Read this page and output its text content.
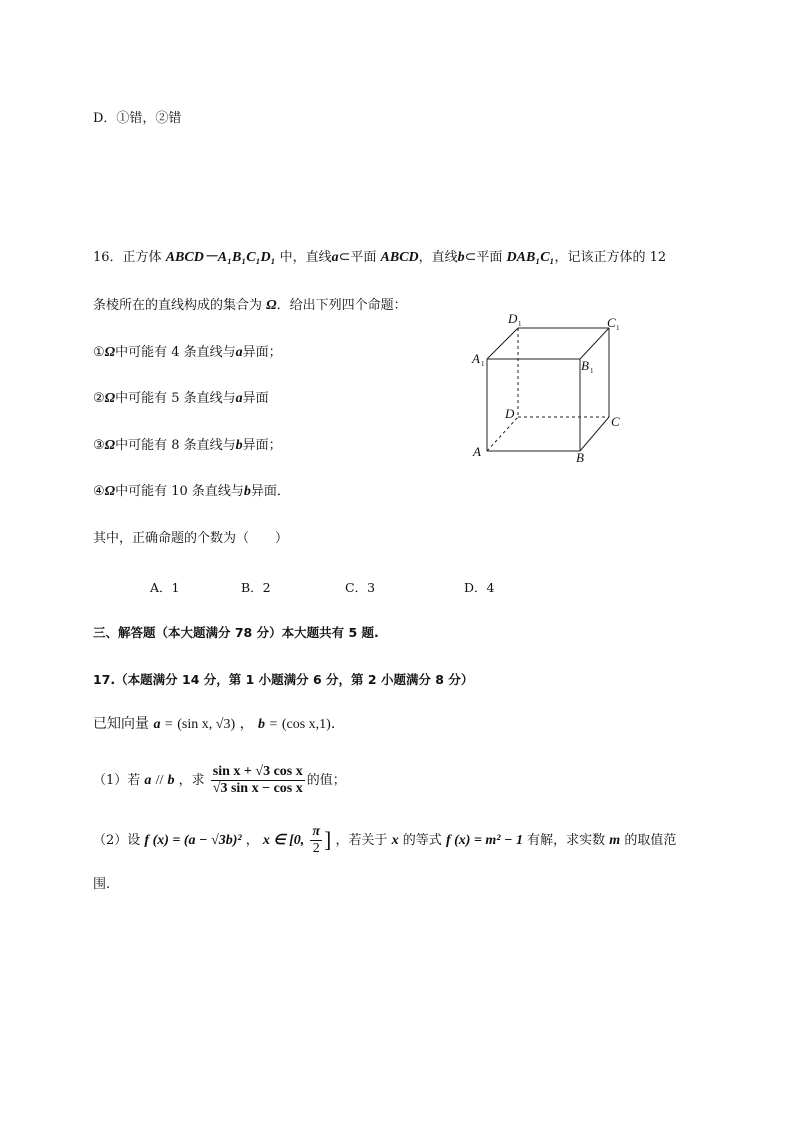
D．①错，②错
16．正方体 ABCD－A₁B₁C₁D₁ 中，直线a⊂平面 ABCD，直线b⊂平面 DAB₁C₁，记该正方体的 12
条棱所在的直线构成的集合为 Ω．给出下列四个命题：
①Ω中可能有 4 条直线与a异面；
②Ω中可能有 5 条直线与a异面
③Ω中可能有 8 条直线与b异面；
④Ω中可能有 10 条直线与b异面．
其中，正确命题的个数为（　　）
A．1	B．2	C．3	D．4
A 1	B 1
D 1	C 1
D
C
A	B
三、解答题（本大题满分 78 分）本大题共有 5 题.
17.（本题满分 14 分，第 1 小题满分 6 分，第 2 小题满分 8 分）
已知向量 a = (sin x, √3) ， b = (cos x,1).
（1）若 a // b ，求 $\frac{\text{sin x + √3 cos x}}{\text{√3 sin x − cos x}}$ 的值；
（2）设 f (x) = (a − √3b)² ， x ∈ [0, $\frac{\pi}{2}$ ] ，若关于 x 的等式 f (x) = m² − 1 有解，求实数 m 的取值范
围.
